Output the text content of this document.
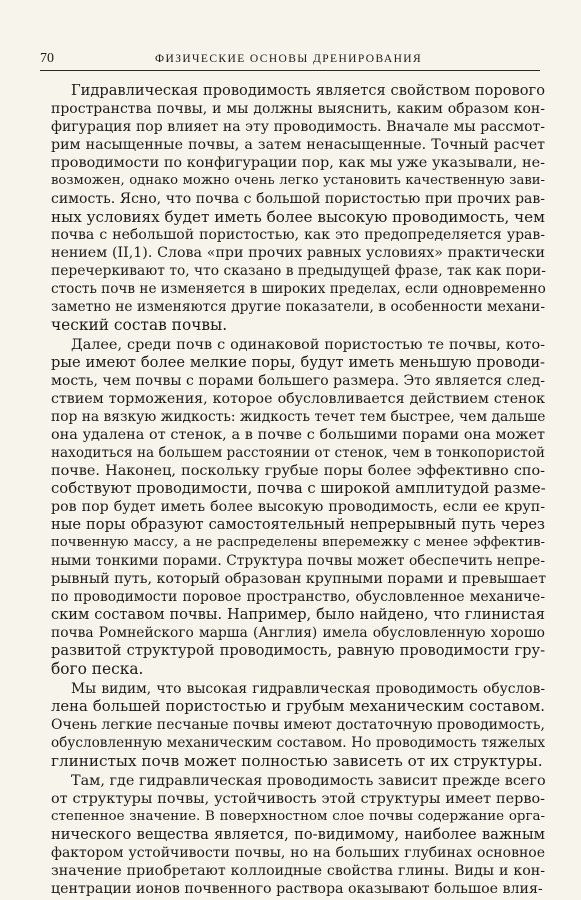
70	ФИЗИЧЕСКИЕ ОСНОВЫ ДРЕНИРОВАНИЯ
Гидравлическая проводимость является свойством порового
пространства почвы, и мы должны выяснить, каким образом кон-
фигурация пор влияет на эту проводимость. Вначале мы рассмот-
рим насыщенные почвы, а затем ненасыщенные. Точный расчет
проводимости по конфигурации пор, как мы уже указывали, не-
возможен, однако можно очень легко установить качественную зави-
симость. Ясно, что почва с большой пористостью при прочих рав-
ных условиях будет иметь более высокую проводимость, чем
почва с небольшой пористостью, как это предопределяется урав-
нением (II,1). Слова «при прочих равных условиях» практически
перечеркивают то, что сказано в предыдущей фразе, так как пори-
стость почв не изменяется в широких пределах, если одновременно
заметно не изменяются другие показатели, в особенности механи-
ческий состав почвы.
Далее, среди почв с одинаковой пористостью те почвы, кото-
рые имеют более мелкие поры, будут иметь меньшую проводи-
мость, чем почвы с порами большего размера. Это является след-
ствием торможения, которое обусловливается действием стенок
пор на вязкую жидкость: жидкость течет тем быстрее, чем дальше
она удалена от стенок, а в почве с большими порами она может
находиться на большем расстоянии от стенок, чем в тонкопористой
почве. Наконец, поскольку грубые поры более эффективно спо-
собствуют проводимости, почва с широкой амплитудой разме-
ров пор будет иметь более высокую проводимость, если ее круп-
ные поры образуют самостоятельный непрерывный путь через
почвенную массу, а не распределены вперемежку с менее эффектив-
ными тонкими порами. Структура почвы может обеспечить непре-
рывный путь, который образован крупными порами и превышает
по проводимости поровое пространство, обусловленное механиче-
ским составом почвы. Например, было найдено, что глинистая
почва Ромнейского марша (Англия) имела обусловленную хорошо
развитой структурой проводимость, равную проводимости гру-
бого песка.
Мы видим, что высокая гидравлическая проводимость обуслов-
лена большей пористостью и грубым механическим составом.
Очень легкие песчаные почвы имеют достаточную проводимость,
обусловленную механическим составом. Но проводимость тяжелых
глинистых почв может полностью зависеть от их структуры.
Там, где гидравлическая проводимость зависит прежде всего
от структуры почвы, устойчивость этой структуры имеет перво-
степенное значение. В поверхностном слое почвы содержание орга-
нического вещества является, по-видимому, наиболее важным
фактором устойчивости почвы, но на больших глубинах основное
значение приобретают коллоидные свойства глины. Виды и кон-
центрации ионов почвенного раствора оказывают большое влия-
